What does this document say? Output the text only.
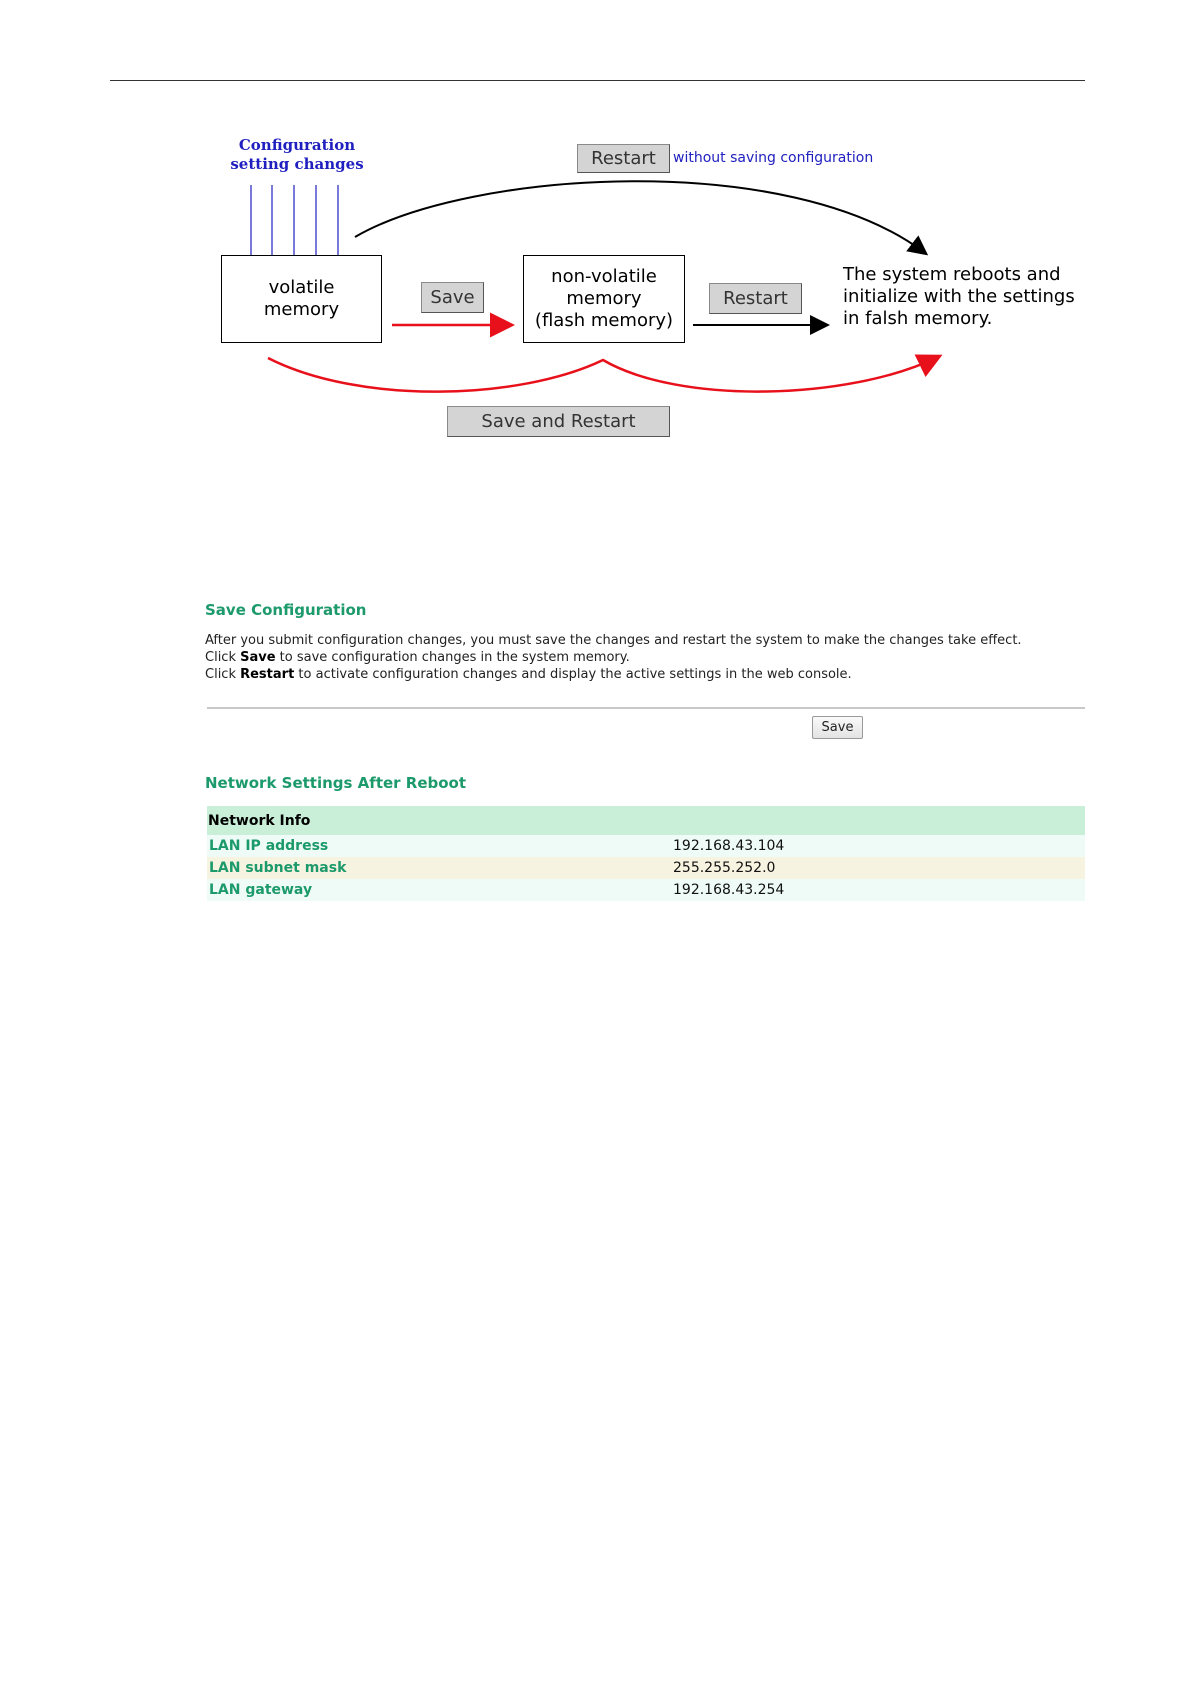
Configuration
setting changes	Restart without saving configuration
volatile
memory
Save
non-volatile
memory
(flash memory)
Restart
The system reboots and
initialize with the settings
in falsh memory.
Save and Restart
Save Configuration
After you submit configuration changes, you must save the changes and restart the system to make the changes take effect.
Click Save to save configuration changes in the system memory.
Click Restart to activate configuration changes and display the active settings in the web console.
Save
Network Settings After Reboot
Network Info
LAN IP address	192.168.43.104
LAN subnet mask	255.255.252.0
LAN gateway	192.168.43.254
